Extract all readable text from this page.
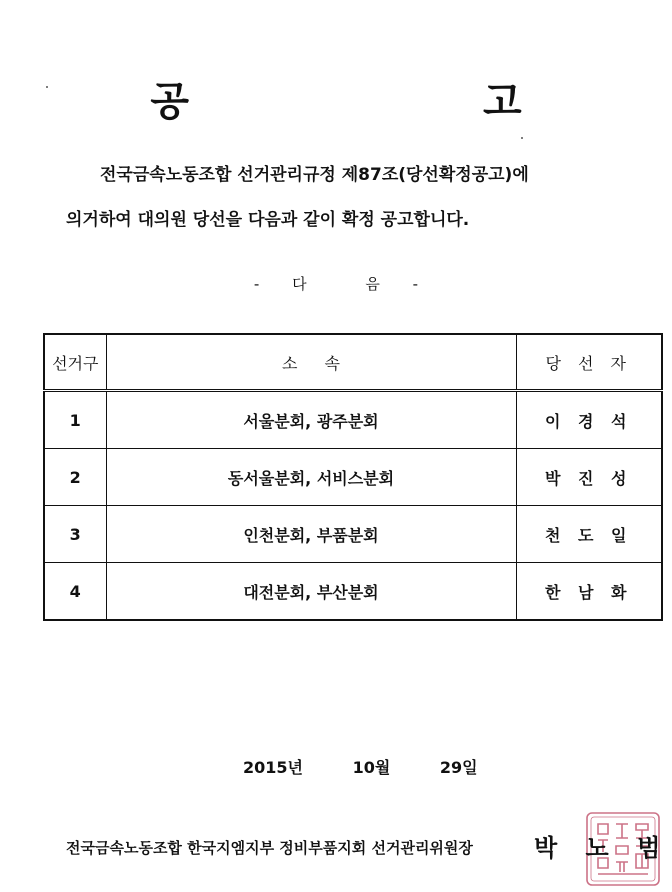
공 고
전국금속노동조합 선거관리규정 제87조(당선확정공고)에
의거하여 대의원 당선을 다음과 같이 확정 공고합니다.
- 다	음 -
선거구	소 속	당 선 자
1	서울분회, 광주분회	이 경 석
2	동서울분회, 서비스분회	박 진 성
3	인천분회, 부품분회	천 도 일
4	대전분회, 부산분회	한 남 화
2015년	10월	29일
전국금속노동조합 한국지엠지부 정비부품지회 선거관리위원장	박 노 범
